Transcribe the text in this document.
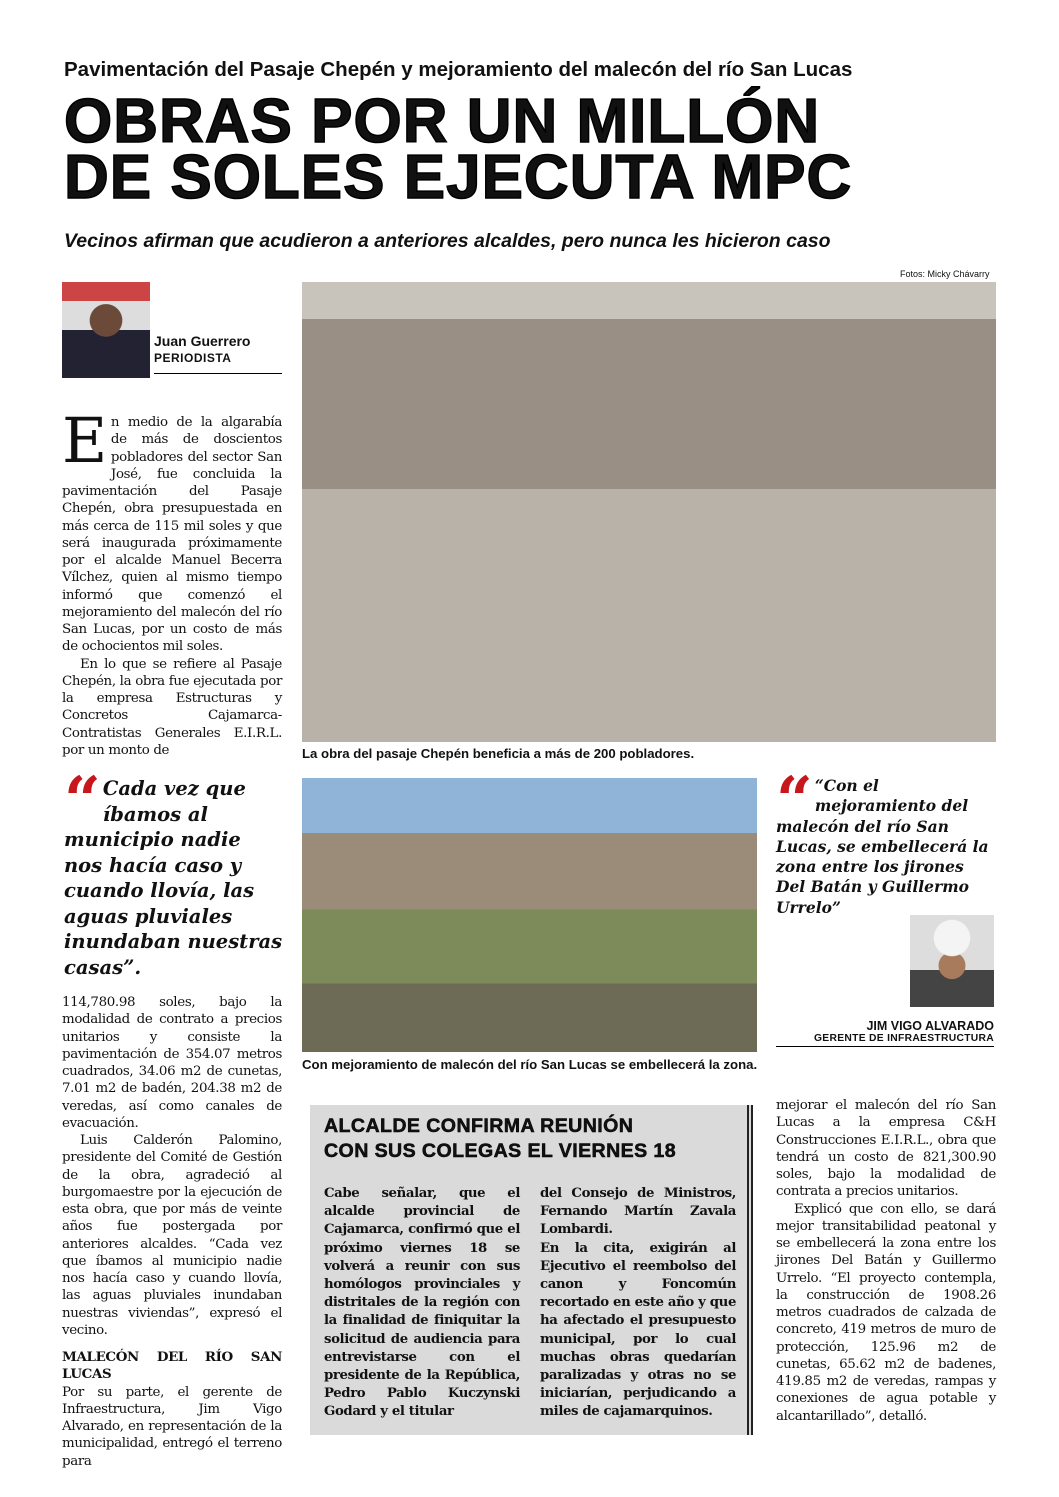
Pavimentación del Pasaje Chepén y mejoramiento del malecón del río San Lucas
OBRAS POR UN MILLÓN
DE SOLES EJECUTA MPC
Vecinos afirman que acudieron a anteriores alcaldes, pero nunca les hicieron caso
Juan Guerrero
PERIODISTA

En medio de la algarabía de más de doscientos pobladores del sector San José, fue concluida la pavimentación del Pasaje Chepén, obra presupuestada en más cerca de 115 mil soles y que será inaugurada próximamente por el alcalde Manuel Becerra Vílchez, quien al mismo tiempo informó que comenzó el mejoramiento del malecón del río San Lucas, por un costo de más de ochocientos mil soles.

En lo que se refiere al Pasaje Chepén, la obra fue ejecutada por la empresa Estructuras y Concretos Cajamarca- Contratistas Generales E.I.R.L. por un monto de

“ Cada vez que íbamos al municipio nadie nos hacía caso y cuando llovía, las aguas pluviales inundaban nuestras casas”.

114,780.98 soles, bajo la modalidad de contrato a precios unitarios y consiste la pavimentación de 354.07 metros cuadrados, 34.06 m2 de cunetas, 7.01 m2 de badén, 204.38 m2 de veredas, así como canales de evacuación.

Luis Calderón Palomino, presidente del Comité de Gestión de la obra, agradeció al burgomaestre por la ejecución de esta obra, que por más de veinte años fue postergada por anteriores alcaldes. “Cada vez que íbamos al municipio nadie nos hacía caso y cuando llovía, las aguas pluviales inundaban nuestras viviendas”, expresó el vecino.

MALECÓN DEL RÍO SAN LUCAS

Por su parte, el gerente de Infraestructura, Jim Vigo Alvarado, en representación de la municipalidad, entregó el terreno para

Fotos: Micky Chávarry
La obra del pasaje Chepén beneficia a más de 200 pobladores.
Con mejoramiento de malecón del río San Lucas se embellecerá la zona.
“ “Con el mejoramiento del malecón del río San Lucas, se embellecerá la zona entre los jirones Del Batán y Guillermo Urrelo”
JIM VIGO ALVARADO
GERENTE DE INFRAESTRUCTURA
ALCALDE CONFIRMA REUNIÓN
CON SUS COLEGAS EL VIERNES 18
Cabe señalar, que el alcalde provincial de Cajamarca, confirmó que el próximo viernes 18 se volverá a reunir con sus homólogos provinciales y distritales de la región con la finalidad de finiquitar la solicitud de audiencia para entrevistarse con el presidente de la República, Pedro Pablo Kuczynski Godard y el titular

del Consejo de Ministros, Fernando Martín Zavala Lombardi.

En la cita, exigirán al Ejecutivo el reembolso del canon y Foncomún recortado en este año y que ha afectado el presupuesto municipal, por lo cual muchas obras quedarían paralizadas y otras no se iniciarían, perjudicando a miles de cajamarquinos.

mejorar el malecón del río San Lucas a la empresa C&H Construcciones E.I.R.L., obra que tendrá un costo de 821,300.90 soles, bajo la modalidad de contrata a precios unitarios.

Explicó que con ello, se dará mejor transitabilidad peatonal y se embellecerá la zona entre los jirones Del Batán y Guillermo Urrelo. “El proyecto contempla, la construcción de 1908.26 metros cuadrados de calzada de concreto, 419 metros de muro de protección, 125.96 m2 de cunetas, 65.62 m2 de badenes, 419.85 m2 de veredas, rampas y conexiones de agua potable y alcantarillado”, detalló.
